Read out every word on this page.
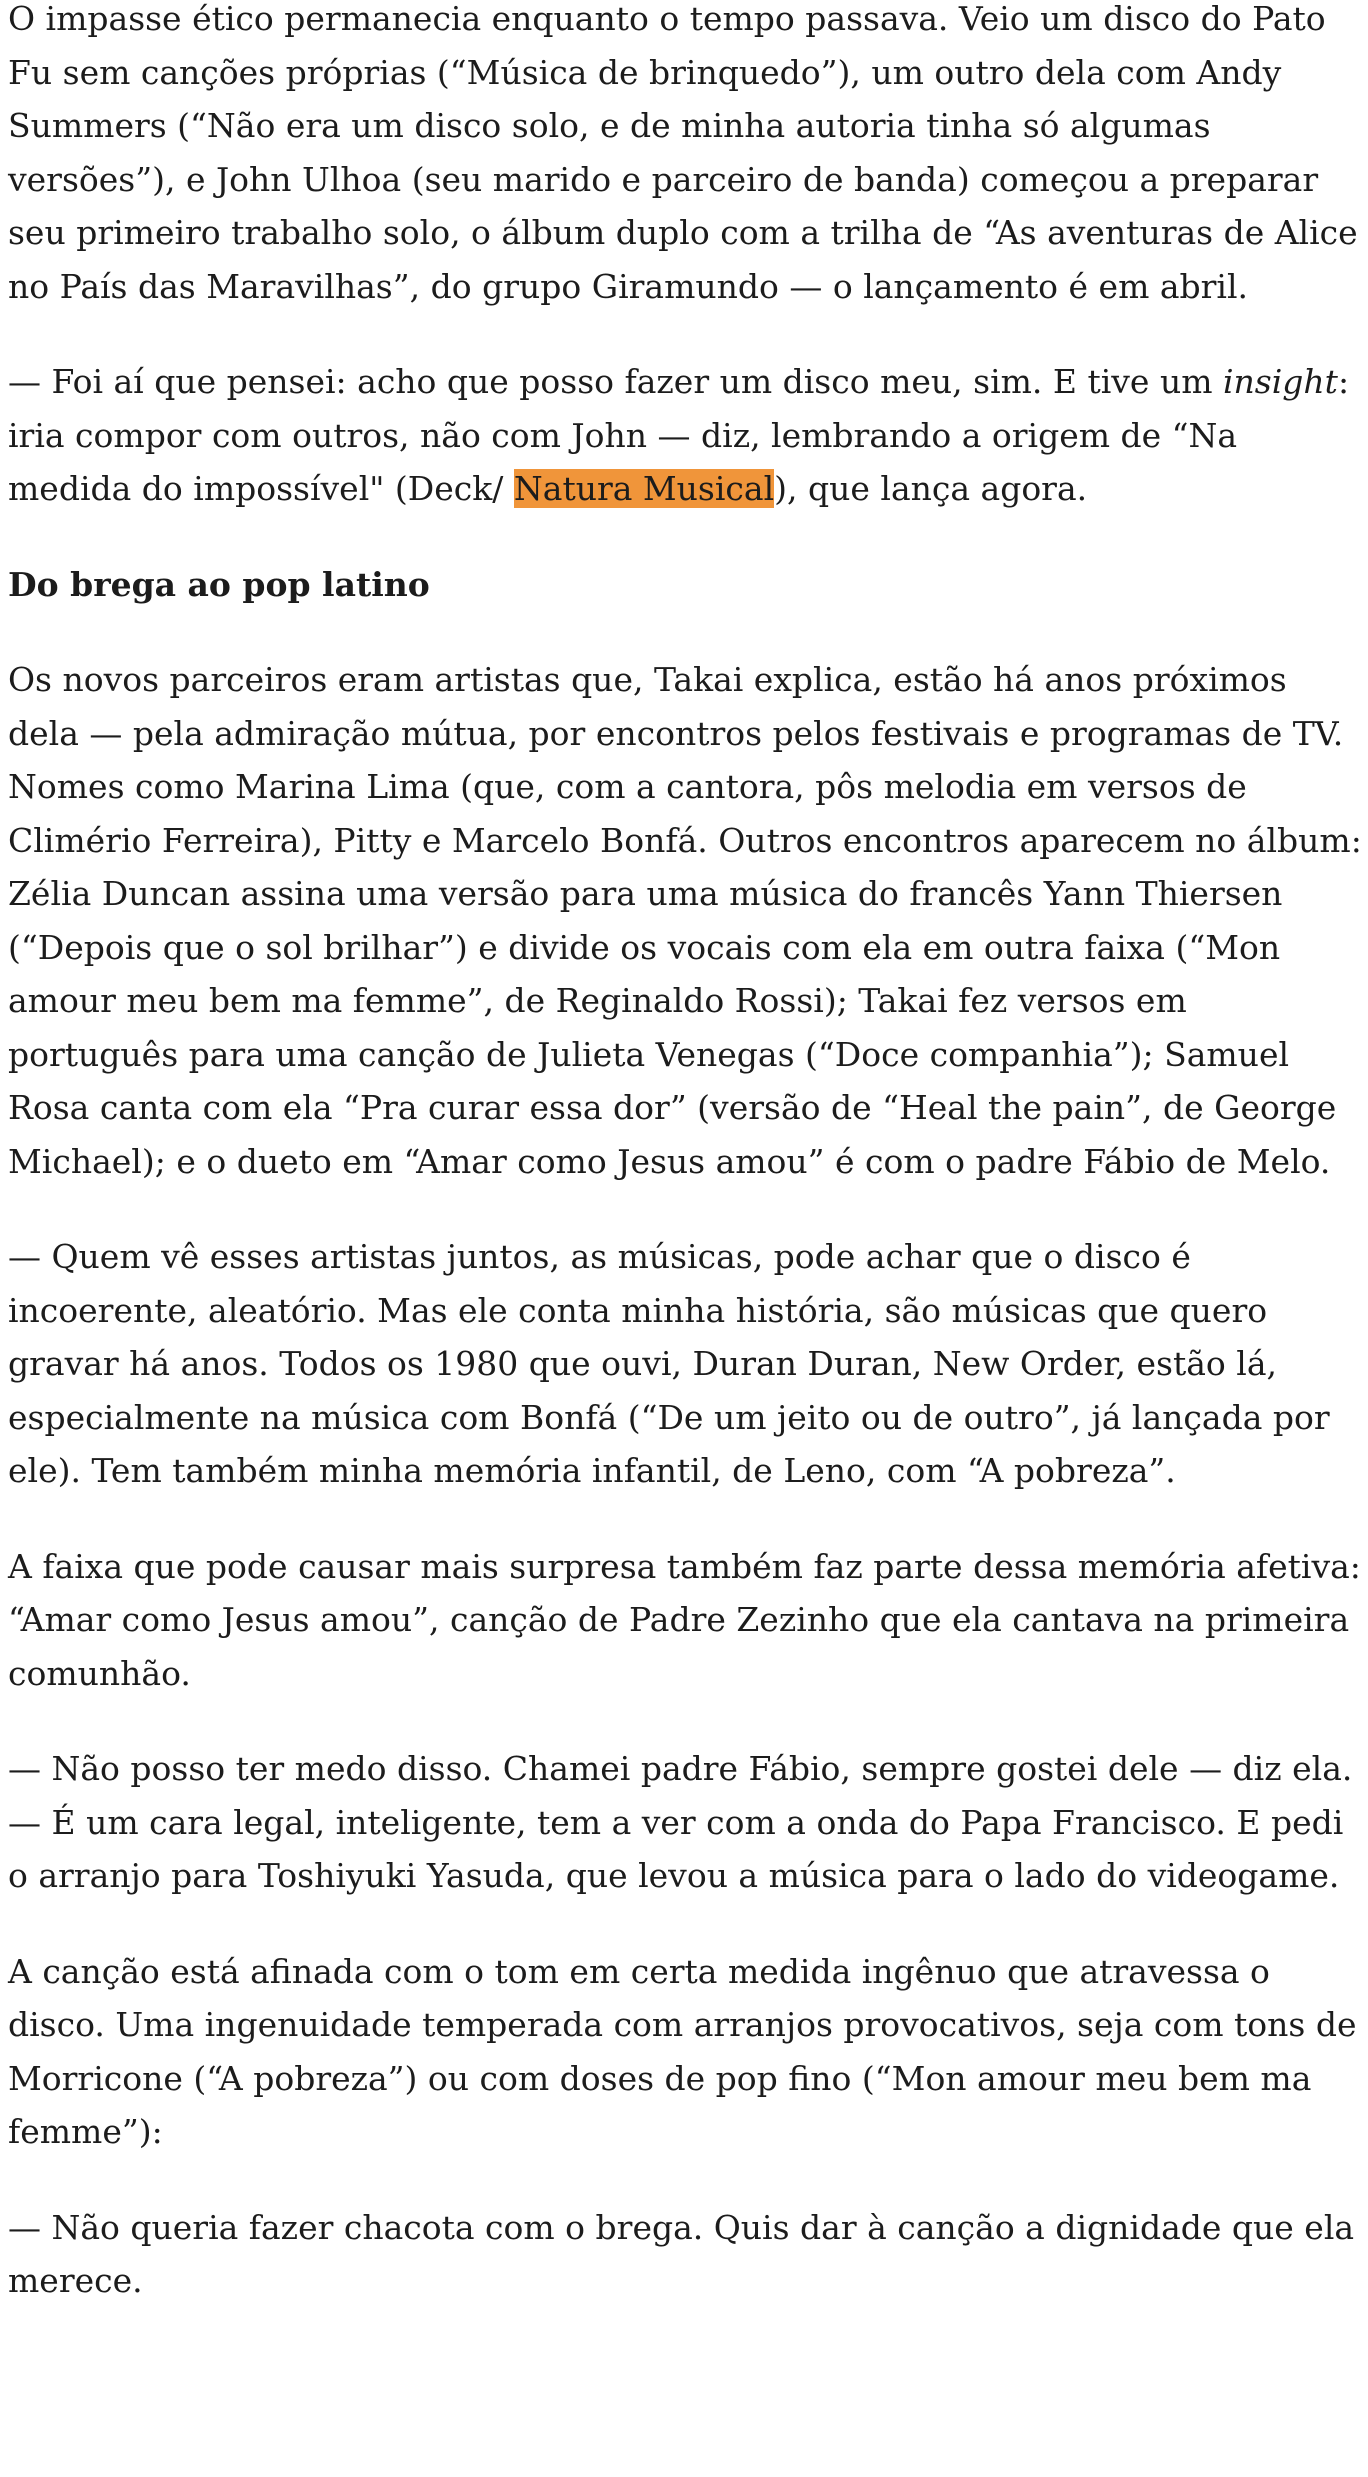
O impasse ético permanecia enquanto o tempo passava. Veio um disco do Pato Fu sem canções próprias (“Música de brinquedo”), um outro dela com Andy Summers (“Não era um disco solo, e de minha autoria tinha só algumas versões”), e John Ulhoa (seu marido e parceiro de banda) começou a preparar seu primeiro trabalho solo, o álbum duplo com a trilha de “As aventuras de Alice no País das Maravilhas”, do grupo Giramundo — o lançamento é em abril.

— Foi aí que pensei: acho que posso fazer um disco meu, sim. E tive um insight: iria compor com outros, não com John — diz, lembrando a origem de “Na medida do impossível" (Deck/ Natura Musical), que lança agora.

Do brega ao pop latino

Os novos parceiros eram artistas que, Takai explica, estão há anos próximos dela — pela admiração mútua, por encontros pelos festivais e programas de TV. Nomes como Marina Lima (que, com a cantora, pôs melodia em versos de Climério Ferreira), Pitty e Marcelo Bonfá. Outros encontros aparecem no álbum: Zélia Duncan assina uma versão para uma música do francês Yann Thiersen (“Depois que o sol brilhar”) e divide os vocais com ela em outra faixa (“Mon amour meu bem ma femme”, de Reginaldo Rossi); Takai fez versos em português para uma canção de Julieta Venegas (“Doce companhia”); Samuel Rosa canta com ela “Pra curar essa dor” (versão de “Heal the pain”, de George Michael); e o dueto em “Amar como Jesus amou” é com o padre Fábio de Melo.

— Quem vê esses artistas juntos, as músicas, pode achar que o disco é incoerente, aleatório. Mas ele conta minha história, são músicas que quero gravar há anos. Todos os 1980 que ouvi, Duran Duran, New Order, estão lá, especialmente na música com Bonfá (“De um jeito ou de outro”, já lançada por ele). Tem também minha memória infantil, de Leno, com “A pobreza”.

A faixa que pode causar mais surpresa também faz parte dessa memória afetiva: “Amar como Jesus amou”, canção de Padre Zezinho que ela cantava na primeira comunhão.

— Não posso ter medo disso. Chamei padre Fábio, sempre gostei dele — diz ela. — É um cara legal, inteligente, tem a ver com a onda do Papa Francisco. E pedi o arranjo para Toshiyuki Yasuda, que levou a música para o lado do videogame.

A canção está afinada com o tom em certa medida ingênuo que atravessa o disco. Uma ingenuidade temperada com arranjos provocativos, seja com tons de Morricone (“A pobreza”) ou com doses de pop fino (“Mon amour meu bem ma femme”):

— Não queria fazer chacota com o brega. Quis dar à canção a dignidade que ela merece.
